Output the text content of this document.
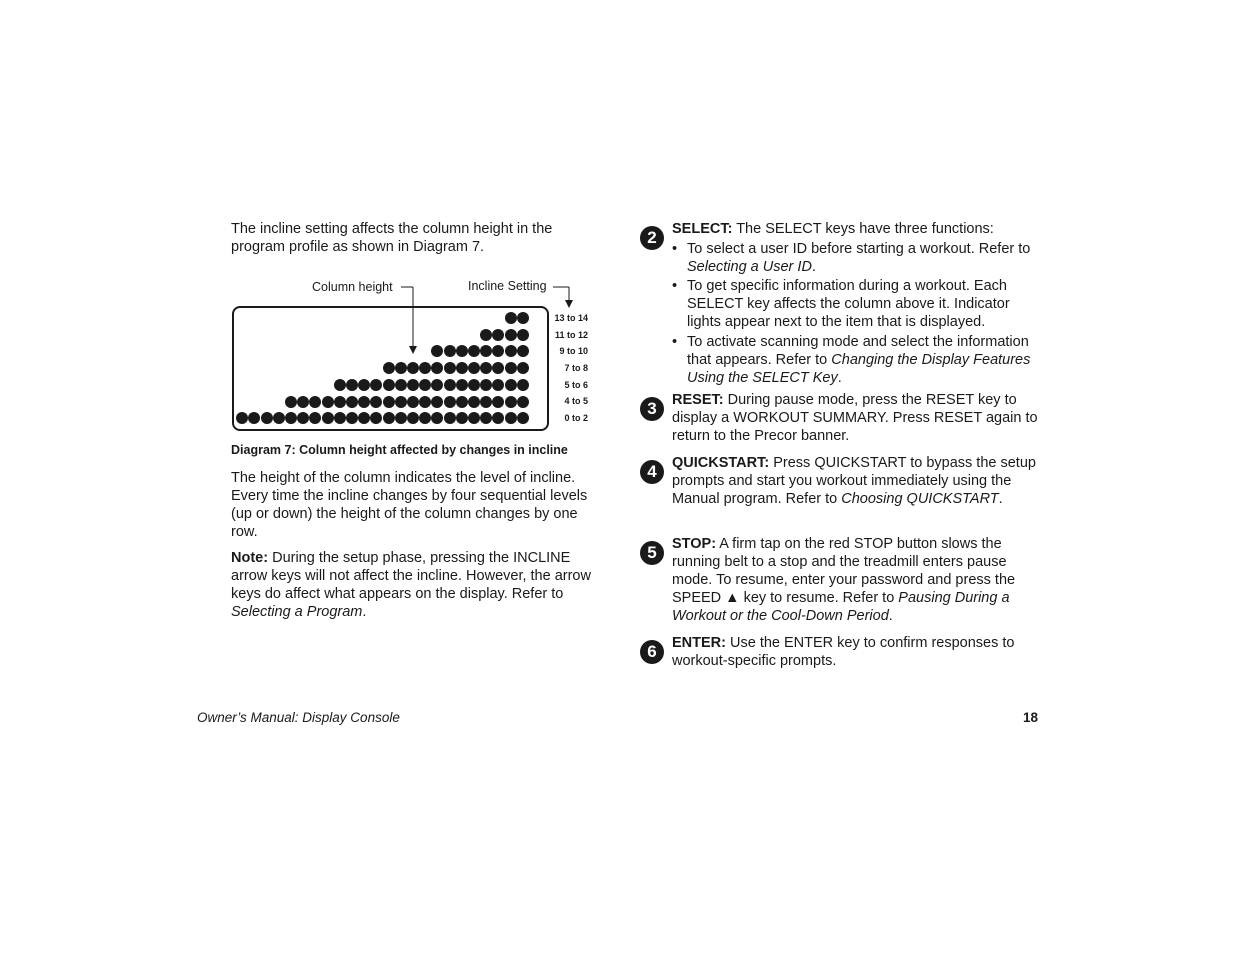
The incline setting affects the column height in the program profile as shown in Diagram 7.

Column height	Incline Setting
13 to 14
11 to 12
9 to 10
7 to 8
5 to 6
4 to 5
0 to 2
Diagram 7: Column height affected by changes in incline

The height of the column indicates the level of incline. Every time the incline changes by four sequential levels (up or down) the height of the column changes by one row.

Note: During the setup phase, pressing the INCLINE arrow keys will not affect the incline. However, the arrow keys do affect what appears on the display. Refer to Selecting a Program.

2	SELECT: The SELECT keys have three functions:

• To select a user ID before starting a workout. Refer to Selecting a User ID.
• To get specific information during a workout. Each SELECT key affects the column above it. Indicator lights appear next to the item that is displayed.
• To activate scanning mode and select the information that appears. Refer to Changing the Display Features Using the SELECT Key.
3	RESET: During pause mode, press the RESET key to display a WORKOUT SUMMARY. Press RESET again to return to the Precor banner.

4	QUICKSTART: Press QUICKSTART to bypass the setup prompts and start you workout immediately using the Manual program. Refer to Choosing QUICKSTART.

5	STOP: A firm tap on the red STOP button slows the running belt to a stop and the treadmill enters pause mode. To resume, enter your password and press the SPEED ▲ key to resume. Refer to Pausing During a Workout or the Cool-Down Period.

6	ENTER: Use the ENTER key to confirm responses to workout-specific prompts.

Owner’s Manual: Display Console	18
